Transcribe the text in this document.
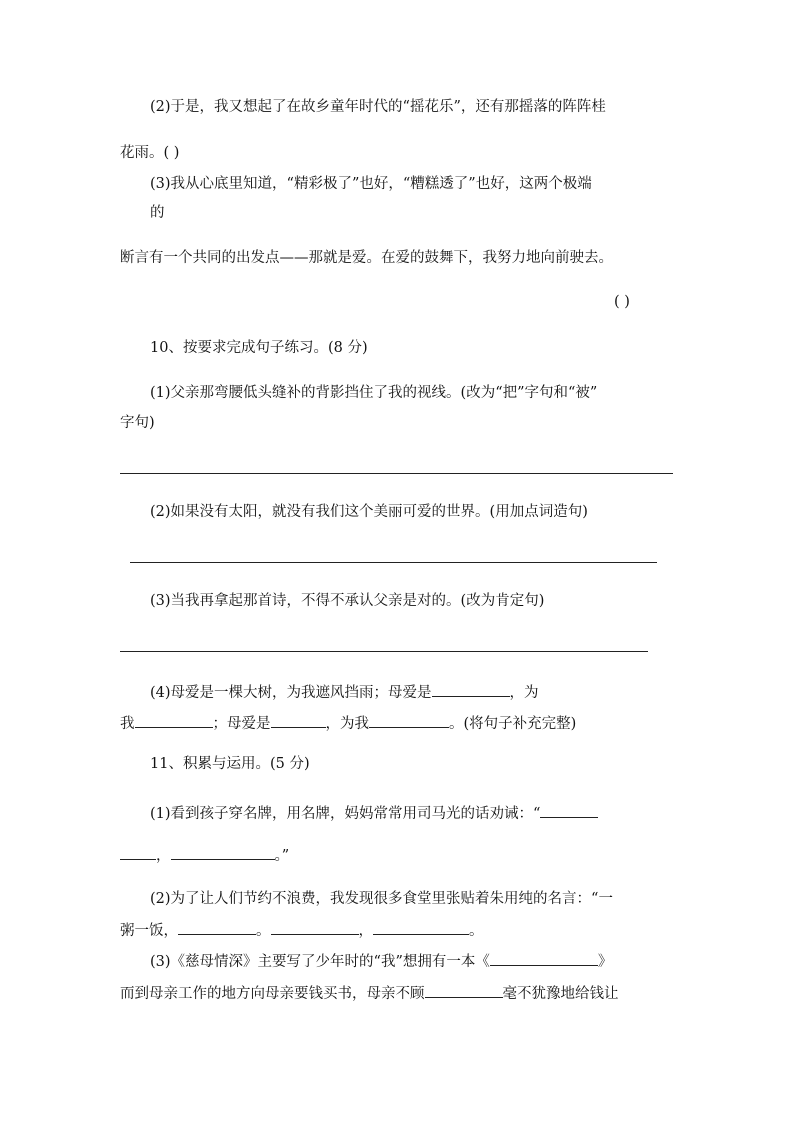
(2)于是，我又想起了在故乡童年时代的“摇花乐”，还有那摇落的阵阵桂
花雨。( )
(3)我从心底里知道，“精彩极了”也好，“糟糕透了”也好，这两个极端
的
断言有一个共同的出发点——那就是爱。在爱的鼓舞下，我努力地向前驶去。
( )
10、按要求完成句子练习。(8 分)
(1)父亲那弯腰低头缝补的背影挡住了我的视线。(改为“把”字句和“被”
字句)
(2)如果没有太阳，就没有我们这个美丽可爱的世界。(用加点词造句)
(3)当我再拿起那首诗，不得不承认父亲是对的。(改为肯定句)
(4)母爱是一棵大树，为我遮风挡雨；母爱是	，为
我	；母爱是	，为我	。(将句子补充完整)
11、积累与运用。(5 分)
(1)看到孩子穿名牌，用名牌，妈妈常常用司马光的话劝诫：“
，	。”
(2)为了让人们节约不浪费，我发现很多食堂里张贴着朱用纯的名言：“一
粥一饭，	。	，	。
(3)《慈母情深》主要写了少年时的“我”想拥有一本《	》
而到母亲工作的地方向母亲要钱买书，母亲不顾	毫不犹豫地给钱让
